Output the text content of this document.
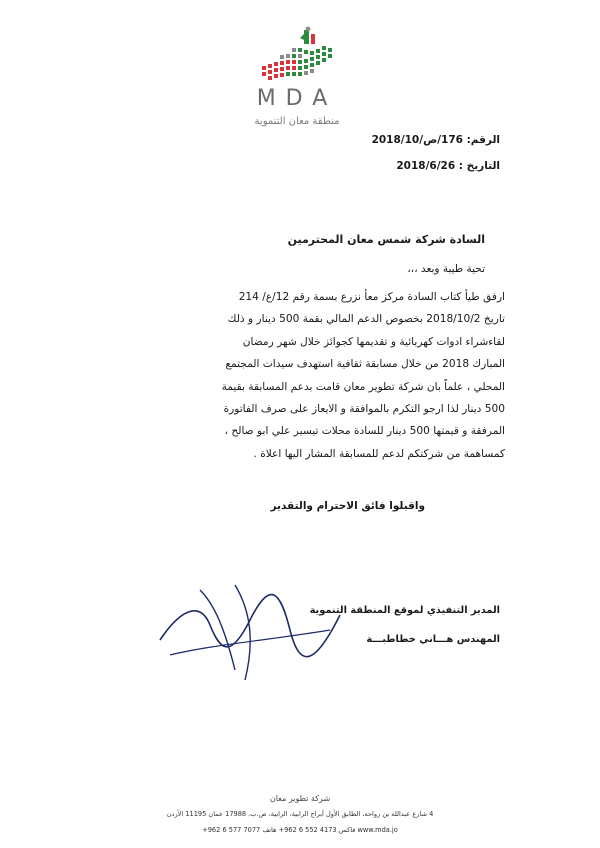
MDA
منطقة معان التنموية
الرقم: 176/ص/2018/10
التاريخ : 2018/6/26
السادة شركة شمس معان المحترمين
تحية طيبة وبعد ،،،
ارفق طيأ كتاب السادة مركز معأ نزرع بسمة رقم 12/ع/ 214
تاريخ 2018/10/2 بخصوص الدعم المالي بقمة 500 دينار و ذلك
لقاءشراء ادوات كهربائية و تقديمها كجوائز خلال شهر رمضان
المبارك 2018 من خلال مسابقة ثقافية استهدف سيدات المجتمع
المحلي ، علماً بان شركة تطوير معان قامت بدعم المسابقة بقيمة
500 دينار لذا ارجو التكرم بالموافقة و الايعاز على صرف الفاتورة
المرفقة و قيمتها 500 دينار للسادة محلات تيسير علي ابو صالح ،
كمساهمة من شركتكم لدعم للمسابقة المشار اليها اعلاة .
واقبلوا فائق الاحترام والتقدير
المدير التنفيذي لموقع المنطقة التنموية
المهندس هـــاني خطاطبـــة
شركة تطوير معان
4 شارع عبدالله بن رواحه، الطابق الأول أبراج الرابية، الرابية، ص.ب. 17988 عمان 11195 الأردن
www.mda.jo فاكس 4173 552 6 962+ هاتف 7077 577 6 962+
